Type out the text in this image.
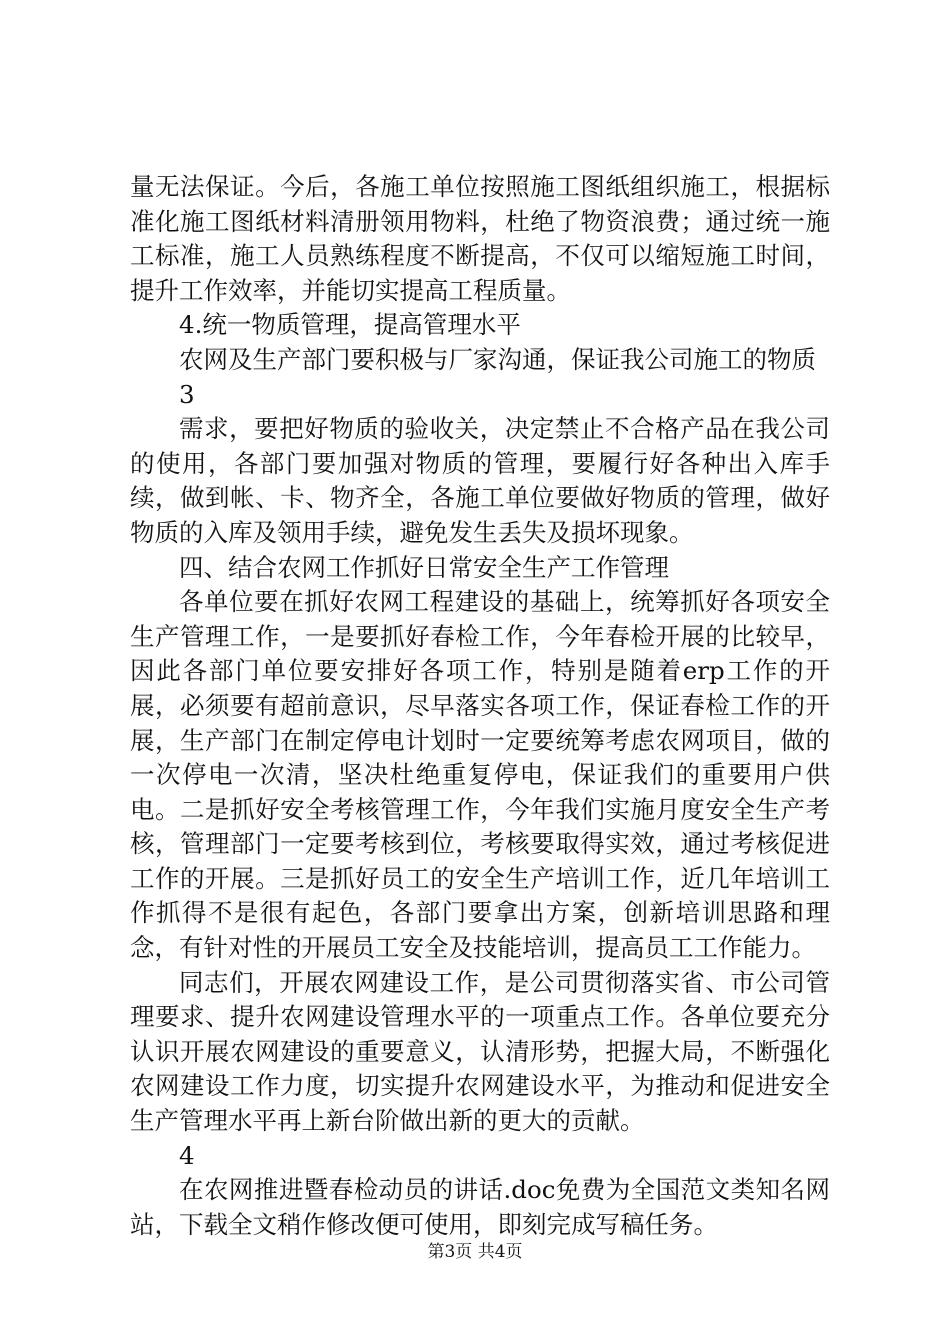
量无法保证。今后，各施工单位按照施工图纸组织施工，根据标准化施工图纸材料清册领用物料，杜绝了物资浪费；通过统一施工标准，施工人员熟练程度不断提高，不仅可以缩短施工时间，提升工作效率，并能切实提高工程质量。

4.统一物质管理，提高管理水平

农网及生产部门要积极与厂家沟通，保证我公司施工的物质

3

需求，要把好物质的验收关，决定禁止不合格产品在我公司的使用，各部门要加强对物质的管理，要履行好各种出入库手续，做到帐、卡、物齐全，各施工单位要做好物质的管理，做好物质的入库及领用手续，避免发生丢失及损坏现象。

四、结合农网工作抓好日常安全生产工作管理

各单位要在抓好农网工程建设的基础上，统筹抓好各项安全生产管理工作，一是要抓好春检工作，今年春检开展的比较早，因此各部门单位要安排好各项工作，特别是随着erp工作的开展，必须要有超前意识，尽早落实各项工作，保证春检工作的开展，生产部门在制定停电计划时一定要统筹考虑农网项目，做的一次停电一次清，坚决杜绝重复停电，保证我们的重要用户供电。二是抓好安全考核管理工作，今年我们实施月度安全生产考核，管理部门一定要考核到位，考核要取得实效，通过考核促进工作的开展。三是抓好员工的安全生产培训工作，近几年培训工作抓得不是很有起色，各部门要拿出方案，创新培训思路和理念，有针对性的开展员工安全及技能培训，提高员工工作能力。

同志们，开展农网建设工作，是公司贯彻落实省、市公司管理要求、提升农网建设管理水平的一项重点工作。各单位要充分认识开展农网建设的重要意义，认清形势，把握大局，不断强化农网建设工作力度，切实提升农网建设水平，为推动和促进安全生产管理水平再上新台阶做出新的更大的贡献。

4

在农网推进暨春检动员的讲话.doc免费为全国范文类知名网站，下载全文稍作修改便可使用，即刻完成写稿任务。

第3页 共4页
